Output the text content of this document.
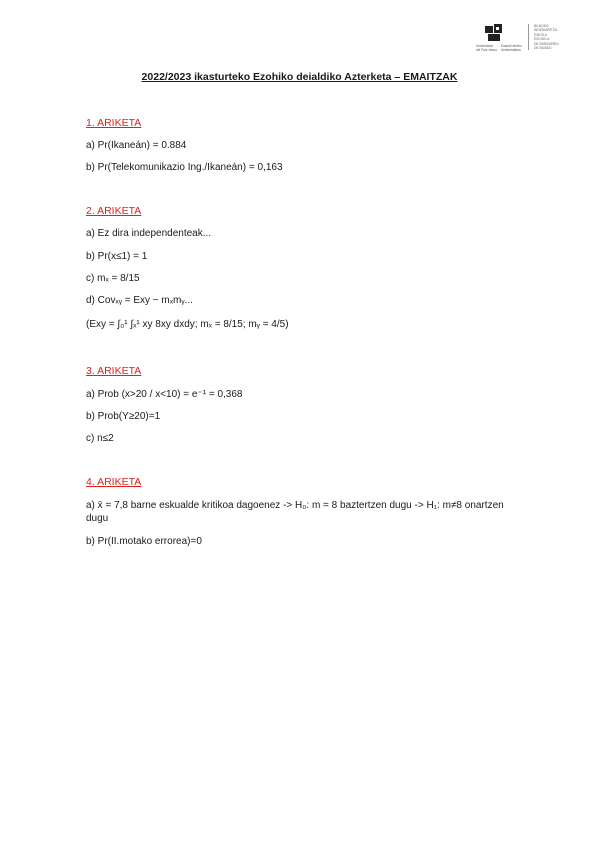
Universidad
del País Vasco
Euskal Herriko
Unibertsitatea
BILBOKO
INGENIARITZA
ESKOLA
ESCUELA
DE INGENIERÍA
DE BILBAO
2022/2023 ikasturteko Ezohiko deialdiko Azterketa – EMAITZAK
1. ARIKETA
a) Pr(Ikaneán) = 0.884
b) Pr(Telekomunikazio Ing./Ikaneán) = 0,163
2. ARIKETA
a) Ez dira independenteak...
b) Pr(x≤1) = 1
c) mₓ = 8/15
d) Covₓᵧ = Exy − mₓmᵧ...
(Exy = ∫₀¹ ∫ₓ¹ xy 8xy dxdy; mₓ = 8/15; mᵧ = 4/5)
3. ARIKETA
a) Prob (x>20 / x<10) = e⁻¹ = 0,368
b) Prob(Y≥20)=1
c) n≤2
4. ARIKETA
a) x̄ = 7,8 barne eskualde kritikoa dagoenez -> H₀: m = 8 baztertzen dugu -> H₁: m≠8 onartzen dugu
b) Pr(II.motako errorea)=0
